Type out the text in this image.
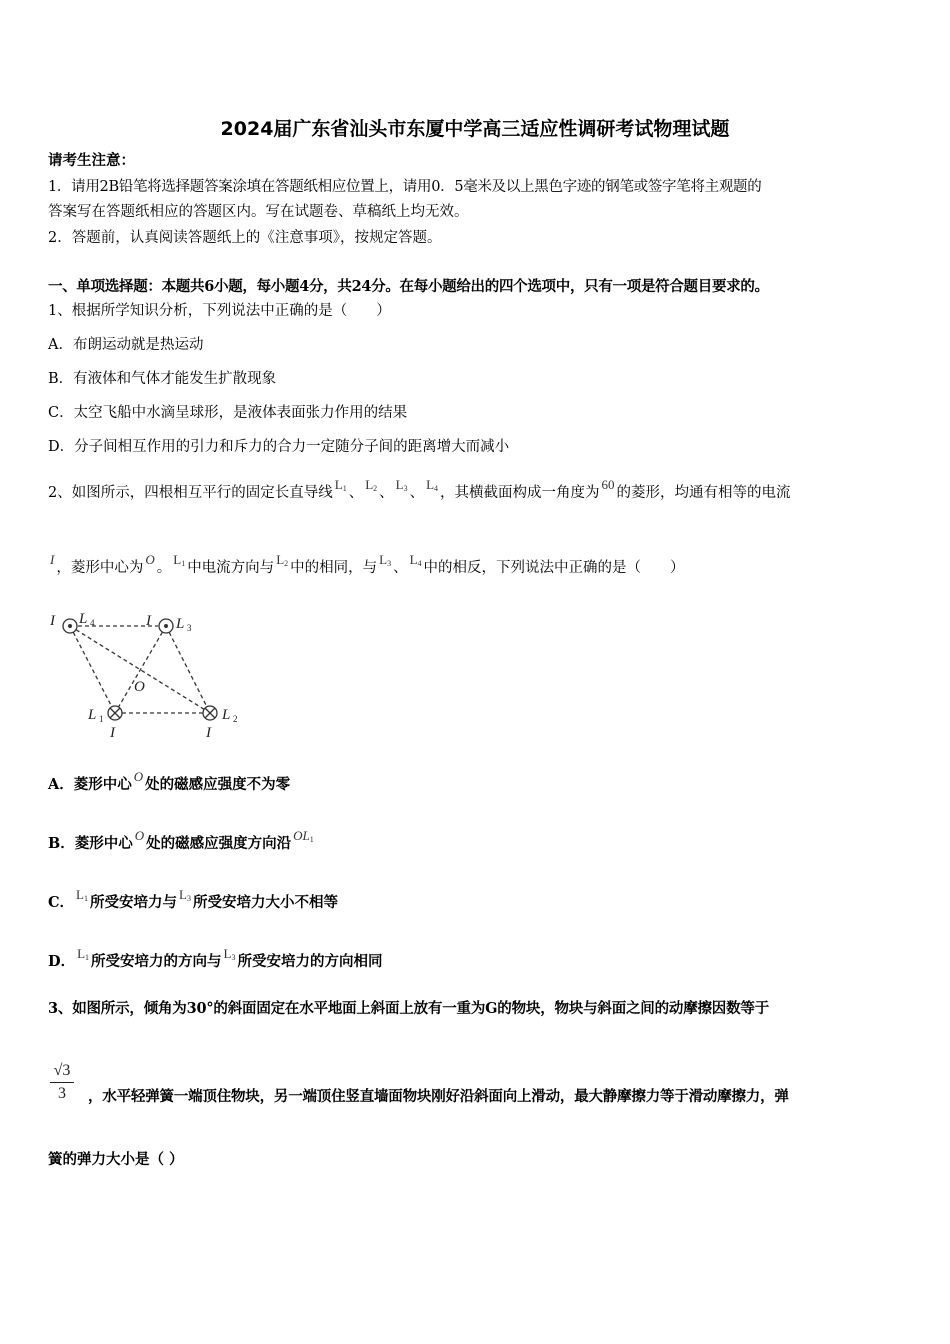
2024届广东省汕头市东厦中学高三适应性调研考试物理试题
请考生注意：
1．请用2B铅笔将选择题答案涂填在答题纸相应位置上，请用0．5毫米及以上黑色字迹的钢笔或签字笔将主观题的
答案写在答题纸相应的答题区内。写在试题卷、草稿纸上均无效。
2．答题前，认真阅读答题纸上的《注意事项》，按规定答题。
一、单项选择题：本题共6小题，每小题4分，共24分。在每小题给出的四个选项中，只有一项是符合题目要求的。
1、根据所学知识分析，下列说法中正确的是（　　）
A．布朗运动就是热运动
B．有液体和气体才能发生扩散现象
C．太空飞船中水滴呈球形，是液体表面张力作用的结果
D．分子间相互作用的引力和斥力的合力一定随分子间的距离增大而减小
2、如图所示，四根相互平行的固定长直导线$L_1$ 、$L_2$ 、$L_3$ 、$L_4$ ，其横截面构成一角度为60的菱形，均通有相等的电流
I，菱形中心为O。$L_1$ 中电流方向与$L_2$ 中的相同，与$L_3$ 、$L_4$ 中的相反，下列说法中正确的是（　　）
I L 4	I L 3
O
L 1	L 2
I	I
A．菱形中心 O 处的磁感应强度不为零
B．菱形中心 O 处的磁感应强度方向沿 $OL_1$
C． $L_1$ 所受安培力与 $L_3$ 所受安培力大小不相等
D． $L_1$ 所受安培力的方向与 $L_3$ 所受安培力的方向相同
3、如图所示，倾角为30°的斜面固定在水平地面上斜面上放有一重为G的物块，物块与斜面之间的动摩擦因数等于
√3
3	，水平轻弹簧一端顶住物块，另一端顶住竖直墙面物块刚好沿斜面向上滑动，最大静摩擦力等于滑动摩擦力，弹
簧的弹力大小是（ ）
